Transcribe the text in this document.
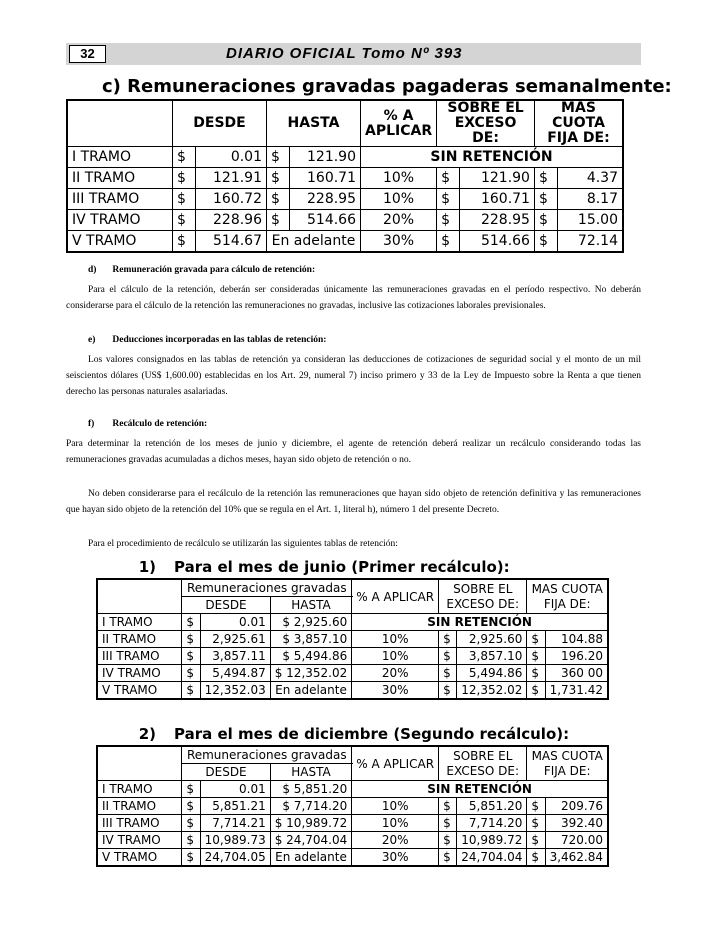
32	DIARIO OFICIAL Tomo Nº 393
c) Remuneraciones gravadas pagaderas semanalmente:
	DESDE		HASTA		% A APLICAR	SOBRE EL EXCESO DE:		MAS CUOTA FIJA DE:	
I TRAMO	$	0.01	$	121.90	SIN RETENCIÓN				
II TRAMO	$	121.91	$	160.71	10%	$	121.90	$	4.37
III TRAMO	$	160.72	$	228.95	10%	$	160.71	$	8.17
IV TRAMO	$	228.96	$	514.66	20%	$	228.95	$	15.00
V TRAMO	$	514.67	En adelante		30%	$	514.66	$	72.14
d) Remuneración gravada para cálculo de retención:
Para el cálculo de la retención, deberán ser consideradas únicamente las remuneraciones gravadas en el período respectivo. No deberán considerarse para el cálculo de la retención las remuneraciones no gravadas, inclusive las cotizaciones laborales previsionales.
e) Deducciones incorporadas en las tablas de retención:
Los valores consignados en las tablas de retención ya consideran las deducciones de cotizaciones de seguridad social y el monto de un mil seiscientos dólares (US$ 1,600.00) establecidas en los Art. 29, numeral 7) inciso primero y 33 de la Ley de Impuesto sobre la Renta a que tienen derecho las personas naturales asalariadas.
f) Recálculo de retención:
Para determinar la retención de los meses de junio y diciembre, el agente de retención deberá realizar un recálculo considerando todas las remuneraciones gravadas acumuladas a dichos meses, hayan sido objeto de retención o no.
No deben considerarse para el recálculo de la retención las remuneraciones que hayan sido objeto de retención definitiva y las remuneraciones que hayan sido objeto de la retención del 10% que se regula en el Art. 1, literal h), número 1 del presente Decreto.
Para el procedimiento de recálculo se utilizarán las siguientes tablas de retención:
1) Para el mes de junio (Primer recálculo):
	Remuneraciones gravadas			% A APLICAR	SOBRE EL EXCESO DE:		MAS CUOTA FIJA DE:	
	DESDE		HASTA					
I TRAMO	$	0.01	$ 2,925.60	SIN RETENCIÓN				
II TRAMO	$	2,925.61	$ 3,857.10	10%	$	2,925.60	$	104.88
III TRAMO	$	3,857.11	$ 5,494.86	10%	$	3,857.10	$	196.20
IV TRAMO	$	5,494.87	$ 12,352.02	20%	$	5,494.86	$	360 00
V TRAMO	$	12,352.03	En adelante	30%	$	12,352.02	$	1,731.42
2) Para el mes de diciembre (Segundo recálculo):
	Remuneraciones gravadas			% A APLICAR	SOBRE EL EXCESO DE:		MAS CUOTA FIJA DE:	
	DESDE		HASTA					
I TRAMO	$	0.01	$ 5,851.20	SIN RETENCIÓN				
II TRAMO	$	5,851.21	$ 7,714.20	10%	$	5,851.20	$	209.76
III TRAMO	$	7,714.21	$ 10,989.72	10%	$	7,714.20	$	392.40
IV TRAMO	$	10,989.73	$ 24,704.04	20%	$	10,989.72	$	720.00
V TRAMO	$	24,704.05	En adelante	30%	$	24,704.04	$	3,462.84
